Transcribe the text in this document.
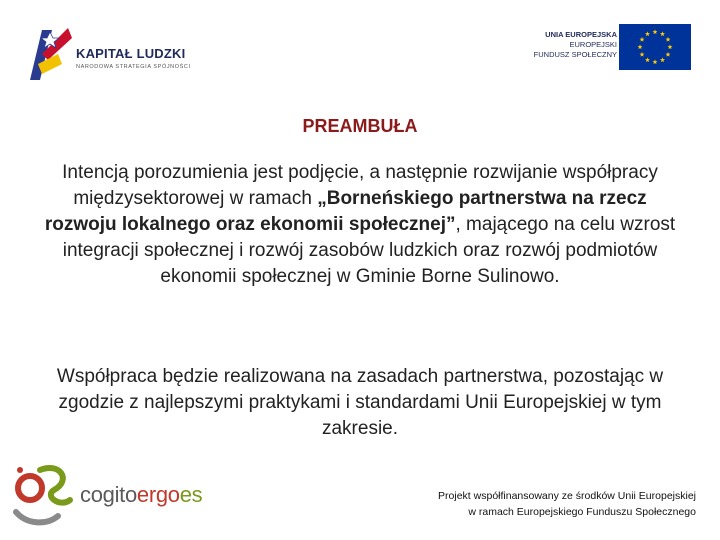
KAPITAŁ LUDZKI
NARODOWA STRATEGIA SPÓJNOŚCI
UNIA EUROPEJSKA
EUROPEJSKI
FUNDUSZ SPOŁECZNY
PREAMBUŁA
Intencją porozumienia jest podjęcie, a następnie rozwijanie współpracy międzysektorowej w ramach „Borneńskiego partnerstwa na rzecz rozwoju lokalnego oraz ekonomii społecznej”, mającego na celu wzrost integracji społecznej i rozwój zasobów ludzkich oraz rozwój podmiotów ekonomii społecznej w Gminie Borne Sulinowo.
Współpraca będzie realizowana na zasadach partnerstwa, pozostając w zgodzie z najlepszymi praktykami i standardami Unii Europejskiej w tym zakresie.
cogitoergoes	Projekt współfinansowany ze środków Unii Europejskiej
w ramach Europejskiego Funduszu Społecznego
